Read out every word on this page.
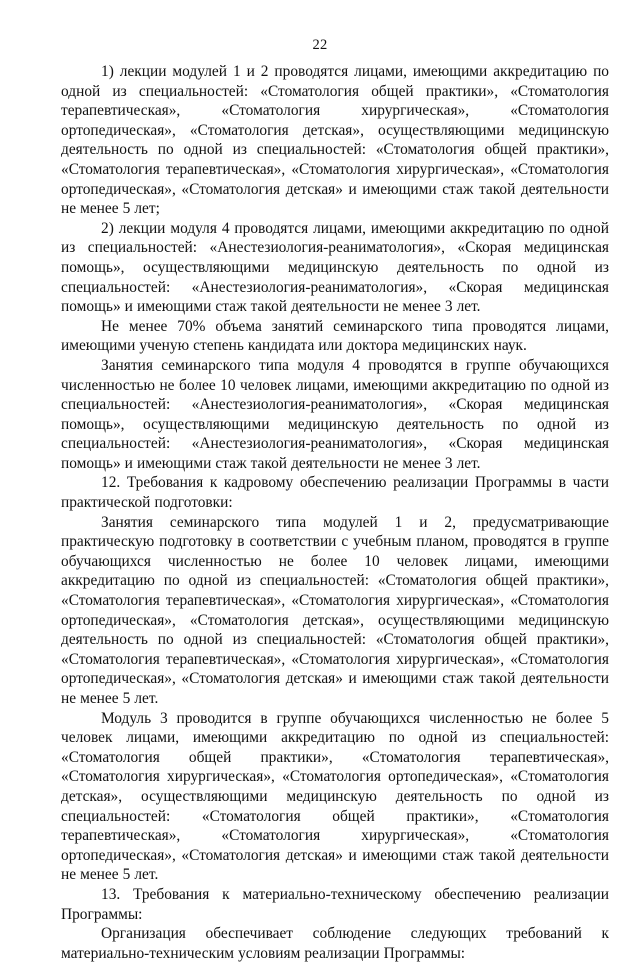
22

1) лекции модулей 1 и 2 проводятся лицами, имеющими аккредитацию по одной из специальностей: «Стоматология общей практики», «Стоматология терапевтическая», «Стоматология хирургическая», «Стоматология ортопедическая», «Стоматология детская», осуществляющими медицинскую деятельность по одной из специальностей: «Стоматология общей практики», «Стоматология терапевтическая», «Стоматология хирургическая», «Стоматология ортопедическая», «Стоматология детская» и имеющими стаж такой деятельности не менее 5 лет;

2) лекции модуля 4 проводятся лицами, имеющими аккредитацию по одной из специальностей: «Анестезиология-реаниматология», «Скорая медицинская помощь», осуществляющими медицинскую деятельность по одной из специальностей: «Анестезиология-реаниматология», «Скорая медицинская помощь» и имеющими стаж такой деятельности не менее 3 лет.

Не менее 70% объема занятий семинарского типа проводятся лицами, имеющими ученую степень кандидата или доктора медицинских наук.

Занятия семинарского типа модуля 4 проводятся в группе обучающихся численностью не более 10 человек лицами, имеющими аккредитацию по одной из специальностей: «Анестезиология-реаниматология», «Скорая медицинская помощь», осуществляющими медицинскую деятельность по одной из специальностей: «Анестезиология-реаниматология», «Скорая медицинская помощь» и имеющими стаж такой деятельности не менее 3 лет.

12. Требования к кадровому обеспечению реализации Программы в части практической подготовки:

Занятия семинарского типа модулей 1 и 2, предусматривающие практическую подготовку в соответствии с учебным планом, проводятся в группе обучающихся численностью не более 10 человек лицами, имеющими аккредитацию по одной из специальностей: «Стоматология общей практики», «Стоматология терапевтическая», «Стоматология хирургическая», «Стоматология ортопедическая», «Стоматология детская», осуществляющими медицинскую деятельность по одной из специальностей: «Стоматология общей практики», «Стоматология терапевтическая», «Стоматология хирургическая», «Стоматология ортопедическая», «Стоматология детская» и имеющими стаж такой деятельности не менее 5 лет.

Модуль 3 проводится в группе обучающихся численностью не более 5 человек лицами, имеющими аккредитацию по одной из специальностей: «Стоматология общей практики», «Стоматология терапевтическая», «Стоматология хирургическая», «Стоматология ортопедическая», «Стоматология детская», осуществляющими медицинскую деятельность по одной из специальностей: «Стоматология общей практики», «Стоматология терапевтическая», «Стоматология хирургическая», «Стоматология ортопедическая», «Стоматология детская» и имеющими стаж такой деятельности не менее 5 лет.

13. Требования к материально-техническому обеспечению реализации Программы:

Организация обеспечивает соблюдение следующих требований к материально-техническим условиям реализации Программы:
